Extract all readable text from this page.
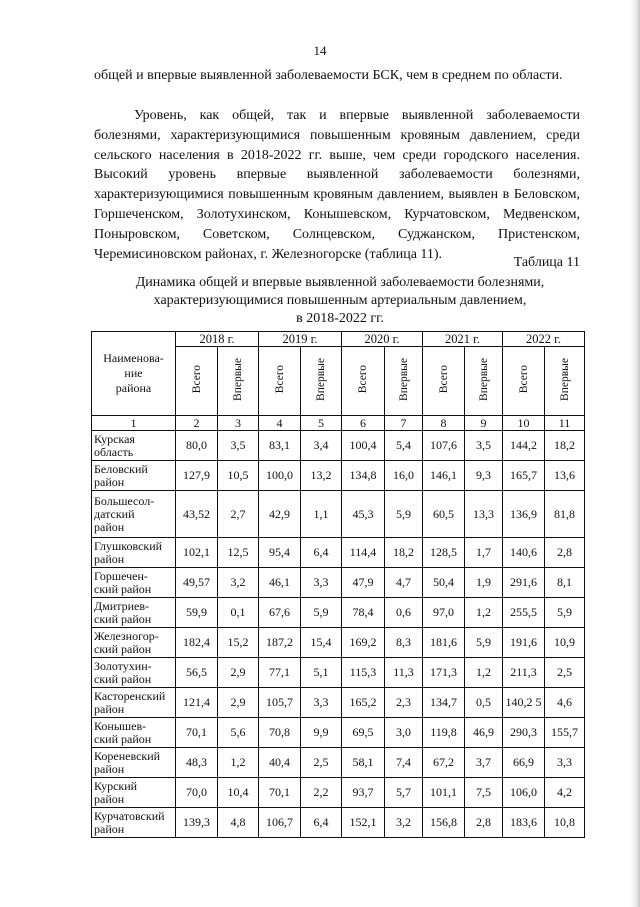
14
общей и впервые выявленной заболеваемости БСК, чем в среднем по области.
Уровень, как общей, так и впервые выявленной заболеваемости болезнями, характеризующимися повышенным кровяным давлением, среди сельского населения в 2018-2022 гг. выше, чем среди городского населения. Высокий уровень впервые выявленной заболеваемости болезнями, характеризующимися повышенным кровяным давлением, выявлен в Беловском, Горшеченском, Золотухинском, Конышевском, Курчатовском, Медвенском, Поныровском, Советском, Солнцевском, Суджанском, Пристенском, Черемисиновском районах, г. Железногорске (таблица 11).
Таблица 11
Динамика общей и впервые выявленной заболеваемости болезнями,
характеризующимися повышенным артериальным давлением,
в 2018-2022 гг.
Наименова-
ние
района	2018 г.		2019 г.		2020 г.		2021 г.		2022 г.	
	Всего	Впервые	Всего	Впервые	Всего	Впервые	Всего	Впервые	Всего	Впервые
1	2	3	4	5	6	7	8	9	10	11

Курская
область	80,0	3,5	83,1	3,4	100,4	5,4	107,6	3,5	144,2	18,2

Беловский
район	127,9	10,5	100,0	13,2	134,8	16,0	146,1	9,3	165,7	13,6

Большесол-
датский
район	43,52	2,7	42,9	1,1	45,3	5,9	60,5	13,3	136,9	81,8

Глушковский
район	102,1	12,5	95,4	6,4	114,4	18,2	128,5	1,7	140,6	2,8

Горшечен-
ский район	49,57	3,2	46,1	3,3	47,9	4,7	50,4	1,9	291,6	8,1

Дмитриев-
ский район	59,9	0,1	67,6	5,9	78,4	0,6	97,0	1,2	255,5	5,9

Железногор-
ский район	182,4	15,2	187,2	15,4	169,2	8,3	181,6	5,9	191,6	10,9

Золотухин-
ский район	56,5	2,9	77,1	5,1	115,3	11,3	171,3	1,2	211,3	2,5

Касторенский
район	121,4	2,9	105,7	3,3	165,2	2,3	134,7	0,5	140,2 5	4,6

Конышев-
ский район	70,1	5,6	70,8	9,9	69,5	3,0	119,8	46,9	290,3	155,7

Кореневский
район	48,3	1,2	40,4	2,5	58,1	7,4	67,2	3,7	66,9	3,3

Курский
район	70,0	10,4	70,1	2,2	93,7	5,7	101,1	7,5	106,0	4,2

Курчатовский
район	139,3	4,8	106,7	6,4	152,1	3,2	156,8	2,8	183,6	10,8
